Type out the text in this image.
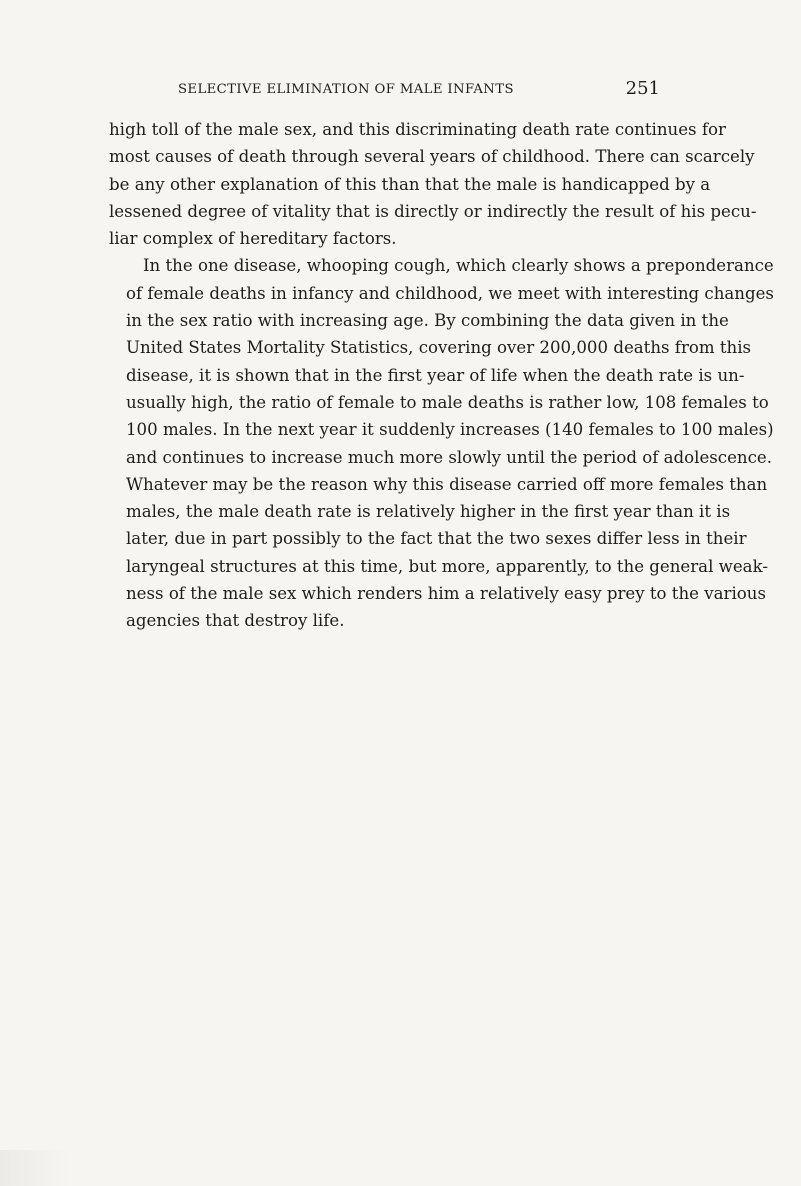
SELECTIVE ELIMINATION OF MALE INFANTS	251

high toll of the male sex, and this discriminating death rate continues for
most causes of death through several years of childhood. There can scarcely
be any other explanation of this than that the male is handicapped by a
lessened degree of vitality that is directly or indirectly the result of his pecu-
liar complex of hereditary factors.

In the one disease, whooping cough, which clearly shows a preponderance
of female deaths in infancy and childhood, we meet with interesting changes
in the sex ratio with increasing age. By combining the data given in the
United States Mortality Statistics, covering over 200,000 deaths from this
disease, it is shown that in the first year of life when the death rate is un-
usually high, the ratio of female to male deaths is rather low, 108 females to
100 males. In the next year it suddenly increases (140 females to 100 males)
and continues to increase much more slowly until the period of adolescence.
Whatever may be the reason why this disease carried off more females than
males, the male death rate is relatively higher in the first year than it is
later, due in part possibly to the fact that the two sexes differ less in their
laryngeal structures at this time, but more, apparently, to the general weak-
ness of the male sex which renders him a relatively easy prey to the various
agencies that destroy life.
